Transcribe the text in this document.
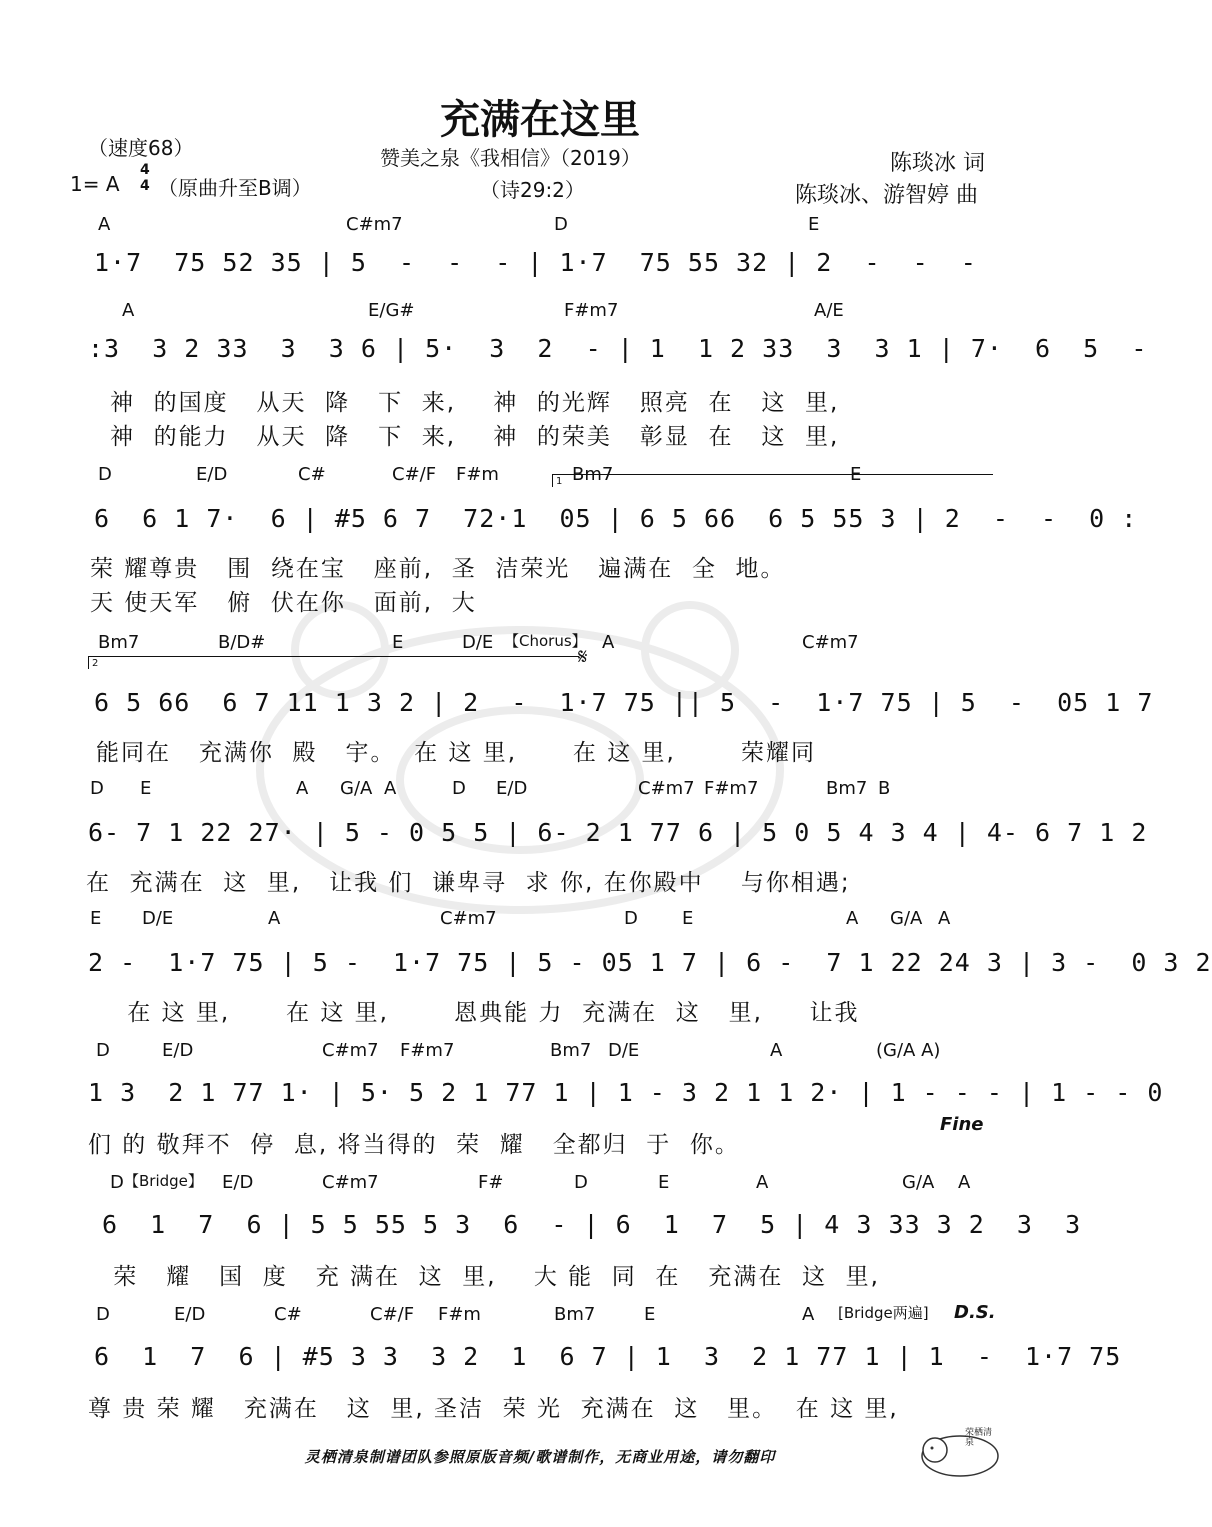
充满在这里
（速度68）	赞美之泉《我相信》（2019）	陈琰冰 词
1= A
4
4 （原曲升至B调）	（诗29:2）	陈琰冰、游智婷 曲
A	C#m7	D	E
1·7  75 52 35 | 5  -  -  - | 1·7  75 55 32 | 2  -  -  -
A	E/G#	F#m7	A/E
:3  3 2 33  3  3 6 | 5·  3  2  - | 1  1 2 33  3  3 1 | 7·  6  5  -
神  的国度   从天  降   下  来,    神  的光辉   照亮  在   这  里,
神  的能力   从天  降   下  来,    神  的荣美   彰显  在   这  里,
D	E/D	C#	C#/F F#m	Bm7	E
1
6  6 1 7·  6 | #5 6 7  72·1  05 | 6 5 66  6 5 55 3 | 2  -  -  0 :
荣 耀尊贵   围  绕在宝   座前,  圣  洁荣光   遍满在  全  地。
天 使天军   俯  伏在你   面前,  大
Bm7	B/D#	E	D/E 【Chorus】 A	C#m7
2	𝄋
6 5 66  6 7 11 1 3 2 | 2  -  1·7 75 || 5  -  1·7 75 | 5  -  05 1 7
能同在   充满你  殿   宇。  在 这 里,      在 这 里,       荣耀同
D E	A G/A A	D E/D	C#m7 F#m7	Bm7 B
6- 7 1 22 27· | 5 - 0 5 5 | 6- 2 1 77 6 | 5 0 5 4 3 4 | 4- 6 7 1 2
在  充满在  这  里,   让我 们  谦卑寻  求 你, 在你殿中    与你相遇;
E D/E	A	C#m7	D E	A G/A A
2 -  1·7 75 | 5 -  1·7 75 | 5 - 05 1 7 | 6 -  7 1 22 24 3 | 3 -  0 3 2
在 这 里,      在 这 里,       恩典能 力  充满在  这   里,     让我
D	E/D	C#m7 F#m7	Bm7 D/E	A	(G/A A)
1 3  2 1 77 1· | 5· 5 2 1 77 1 | 1 - 3 2 1 1 2· | 1 - - - | 1 - - 0
Fine
们 的 敬拜不  停  息, 将当得的  荣  耀   全都归  于  你。
D 【Bridge】 E/D	C#m7	F#	D	E	A	G/A A
6  1  7  6 | 5 5 55 5 3  6  - | 6  1  7  5 | 4 3 33 3 2  3  3
荣   耀   国  度   充 满在  这  里,    大 能  同  在   充满在  这  里,
D	E/D	C#	C#/F F#m	Bm7	E	A [Bridge两遍] D.S.
6  1  7  6 | #5 3 3  3 2  1  6 7 | 1  3  2 1 77 1 | 1  -  1·7 75
尊 贵 荣 耀   充满在   这  里, 圣洁  荣 光  充满在  这   里。  在 这 里,
灵栖清泉制谱团队参照原版音频/歌谱制作，无商业用途，请勿翻印
荣栖清泉
